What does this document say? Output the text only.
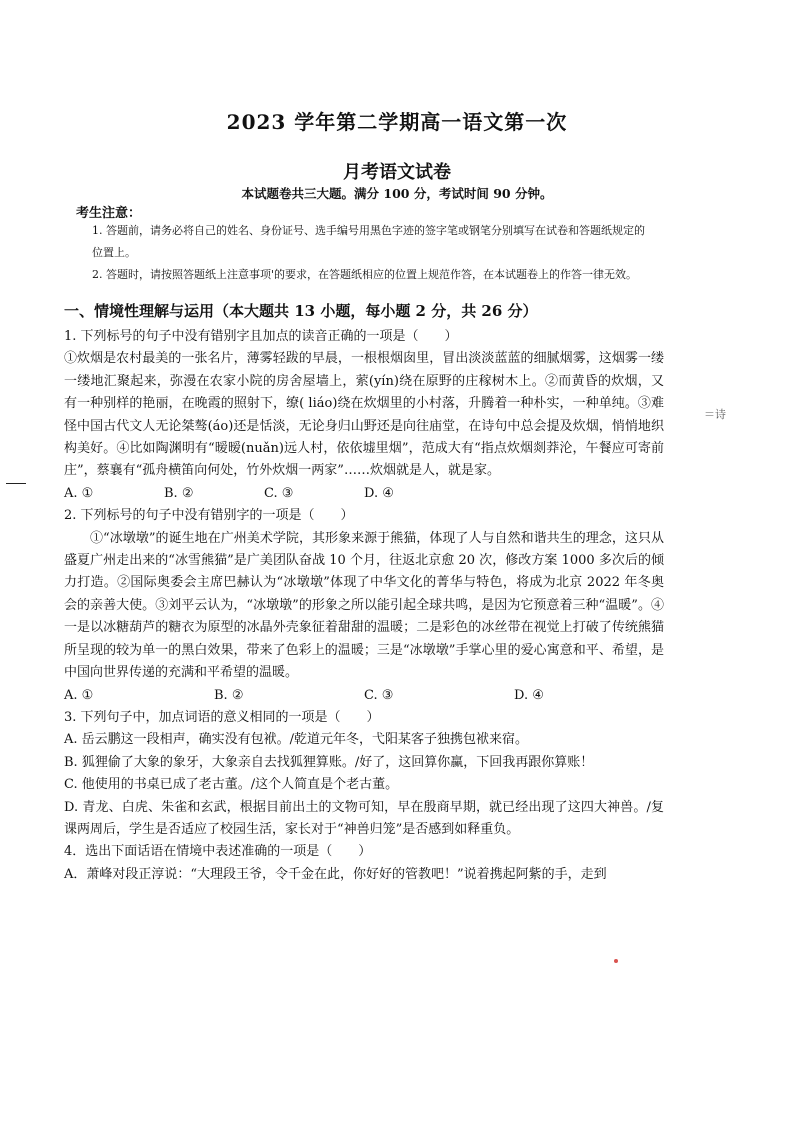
2023 学年第二学期高一语文第一次
月考语文试卷
本试题卷共三大题。满分 100 分，考试时间 90 分钟。
考生注意：
1. 答题前，请务必将自己的姓名、身份证号、选手编号用黑色字迹的签字笔或钢笔分别填写在试卷和答题纸规定的位置上。
2. 答题时，请按照答题纸上注意事项'的要求，在答题纸相应的位置上规范作答，在本试题卷上的作答一律无效。
一、情境性理解与运用（本大题共 13 小题，每小题 2 分，共 26 分）

1. 下列标号的句子中没有错别字且加点的读音正确的一项是（　　）

①炊烟是农村最美的一张名片，薄雾轻跋的早晨，一根根烟囱里，冒出淡淡蓝蓝的细腻烟雾，这烟雾一缕一缕地汇聚起来，弥漫在农家小院的房舍屋墙上，萦(yín)绕在原野的庄稼树木上。②而黄昏的炊烟，又有一种别样的艳丽，在晚霞的照射下，缭( liáo)绕在炊烟里的小村落，升腾着一种朴实，一种单纯。③难怪中国古代文人无论桀骜(áo)还是恬淡，无论身归山野还是向往庙堂，在诗句中总会提及炊烟，悄悄地织构美好。④比如陶渊明有“暧暧(nuǎn)远人村，依依墟里烟”，范成大有“指点炊烟剡莽沦，午餐应可寄前庄”，蔡襄有“孤舟横笛向何处，竹外炊烟一两家”……炊烟就是人，就是家。

A. ①	B. ②	C. ③	D. ④

2. 下列标号的句子中没有错别字的一项是（　　）

①“冰墩墩”的诞生地在广州美术学院，其形象来源于熊猫，体现了人与自然和谐共生的理念，这只从盛夏广州走出来的“冰雪熊猫”是广美团队奋战 10 个月，往返北京愈 20 次，修改方案 1000 多次后的倾力打造。②国际奥委会主席巴赫认为“冰墩墩”体现了中华文化的菁华与特色，将成为北京 2022 年冬奥会的亲善大使。③刘平云认为，“冰墩墩”的形象之所以能引起全球共鸣，是因为它预意着三种“温暖”。④一是以冰糖葫芦的糖衣为原型的冰晶外壳象征着甜甜的温暖；二是彩色的冰丝带在视觉上打破了传统熊猫所呈现的较为单一的黑白效果，带来了色彩上的温暖；三是“冰墩墩”手掌心里的爱心寓意和平、希望，是中国向世界传递的充满和平希望的温暖。

A. ①	B. ②	C. ③	D. ④

3. 下列句子中，加点词语的意义相同的一项是（　　）

A. 岳云鹏这一段相声，确实没有包袱。/乾道元年冬，弋阳某客子独携包袱来宿。

B. 狐狸偷了大象的象牙，大象亲自去找狐狸算账。/好了，这回算你赢，下回我再跟你算账！

C. 他使用的书桌已成了老古董。/这个人简直是个老古董。

D. 青龙、白虎、朱雀和玄武，根据目前出土的文物可知，早在殷商早期，就已经出现了这四大神兽。/复课两周后，学生是否适应了校园生活，家长对于“神兽归笼”是否感到如释重负。

4．选出下面话语在情境中表述准确的一项是（　　）

A．萧峰对段正淳说：“大理段王爷，令千金在此，你好好的管教吧！”说着携起阿紫的手，走到

＝诗
